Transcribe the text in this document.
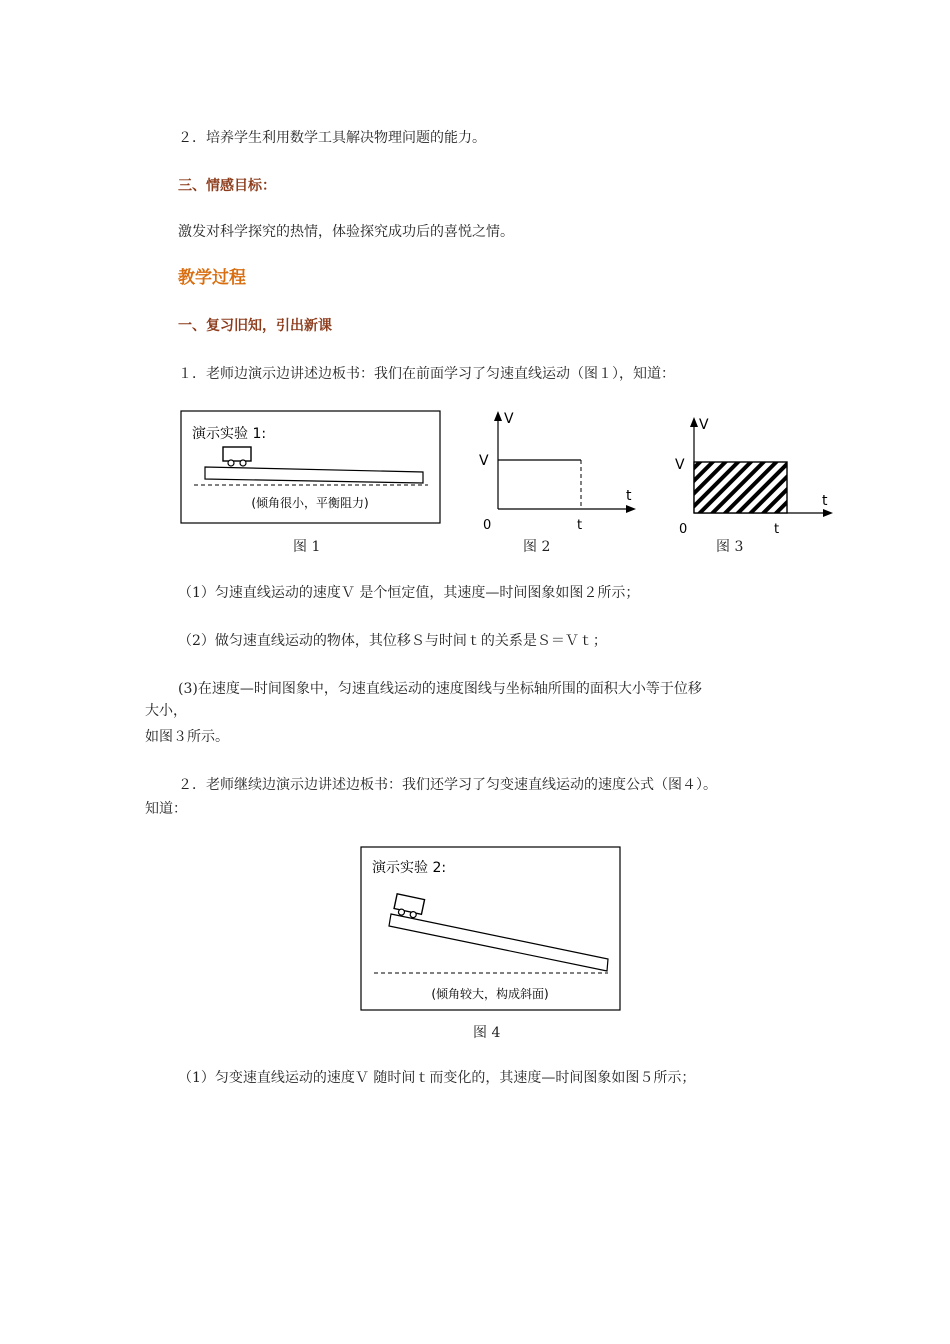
２．培养学生利用数学工具解决物理问题的能力。
三、情感目标：
激发对科学探究的热情，体验探究成功后的喜悦之情。
教学过程
一、复习旧知，引出新课
１．老师边演示边讲述边板书：我们在前面学习了匀速直线运动（图１），知道：
演示实验 1:
(倾角很小，平衡阻力)
图 1
V
V
0
t
t
图 2
V
V
0
t
t
图 3
（1）匀速直线运动的速度Ｖ 是个恒定值，其速度—时间图象如图２所示；
（2）做匀速直线运动的物体，其位移Ｓ与时间ｔ的关系是Ｓ＝Ｖｔ；
(3)在速度—时间图象中，匀速直线运动的速度图线与坐标轴所围的面积大小等于位移
大小，
如图３所示。
２．老师继续边演示边讲述边板书：我们还学习了匀变速直线运动的速度公式（图４）。
知道：
演示实验 2:
(倾角较大，构成斜面)
图 4
（1）匀变速直线运动的速度Ｖ 随时间ｔ而变化的，其速度—时间图象如图５所示；
